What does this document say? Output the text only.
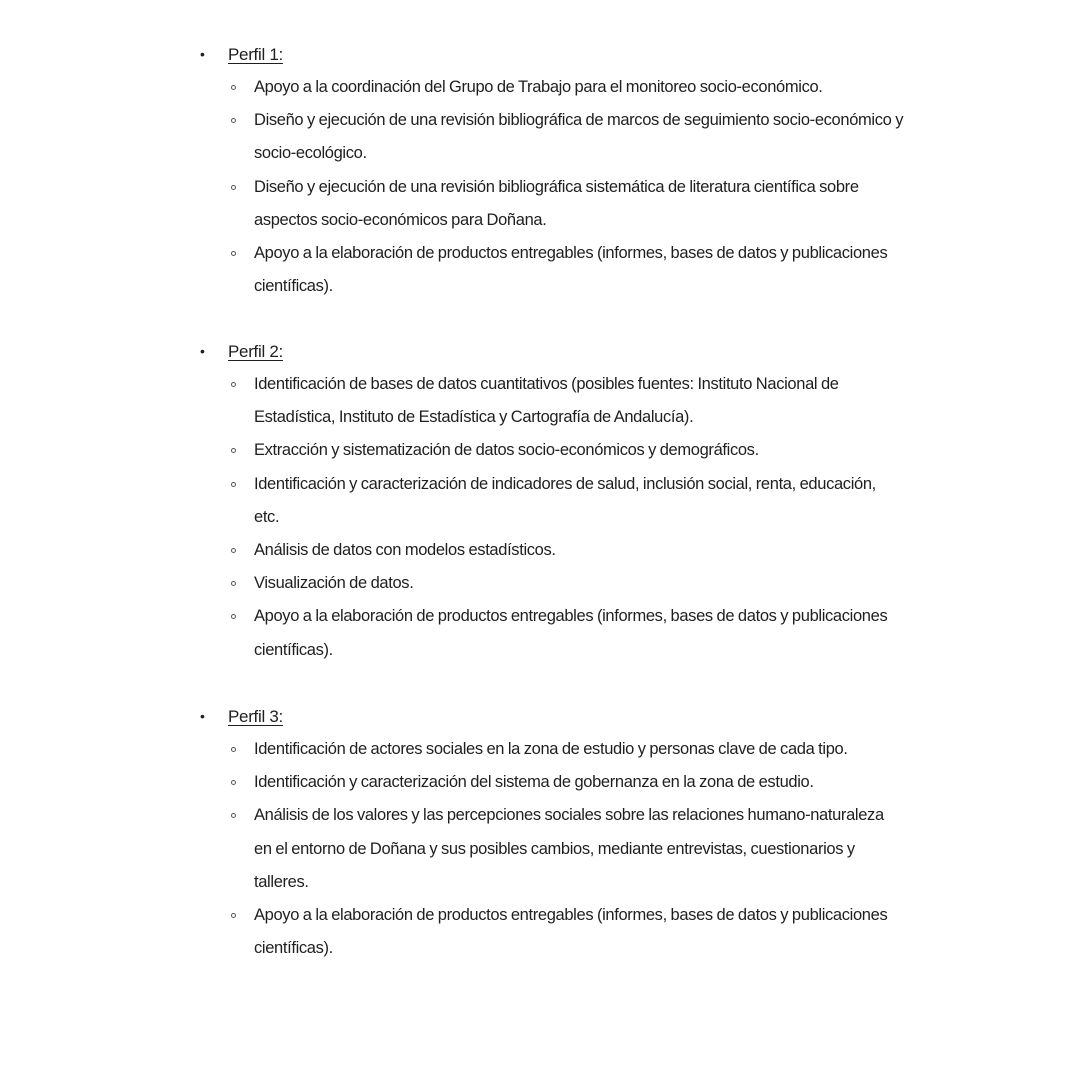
•	Perfil 1:
Apoyo a la coordinación del Grupo de Trabajo para el monitoreo socio-económico.
Diseño y ejecución de una revisión bibliográfica de marcos de seguimiento socio-económico y socio-ecológico.
Diseño y ejecución de una revisión bibliográfica sistemática de literatura científica sobre aspectos socio-económicos para Doñana.
Apoyo a la elaboración de productos entregables (informes, bases de datos y publicaciones científicas).
•	Perfil 2:
Identificación de bases de datos cuantitativos (posibles fuentes: Instituto Nacional de Estadística, Instituto de Estadística y Cartografía de Andalucía).
Extracción y sistematización de datos socio-económicos y demográficos.
Identificación y caracterización de indicadores de salud, inclusión social, renta, educación, etc.
Análisis de datos con modelos estadísticos.
Visualización de datos.
Apoyo a la elaboración de productos entregables (informes, bases de datos y publicaciones científicas).
•	Perfil 3:
Identificación de actores sociales en la zona de estudio y personas clave de cada tipo.
Identificación y caracterización del sistema de gobernanza en la zona de estudio.
Análisis de los valores y las percepciones sociales sobre las relaciones humano-naturaleza en el entorno de Doñana y sus posibles cambios, mediante entrevistas, cuestionarios y talleres.
Apoyo a la elaboración de productos entregables (informes, bases de datos y publicaciones científicas).
